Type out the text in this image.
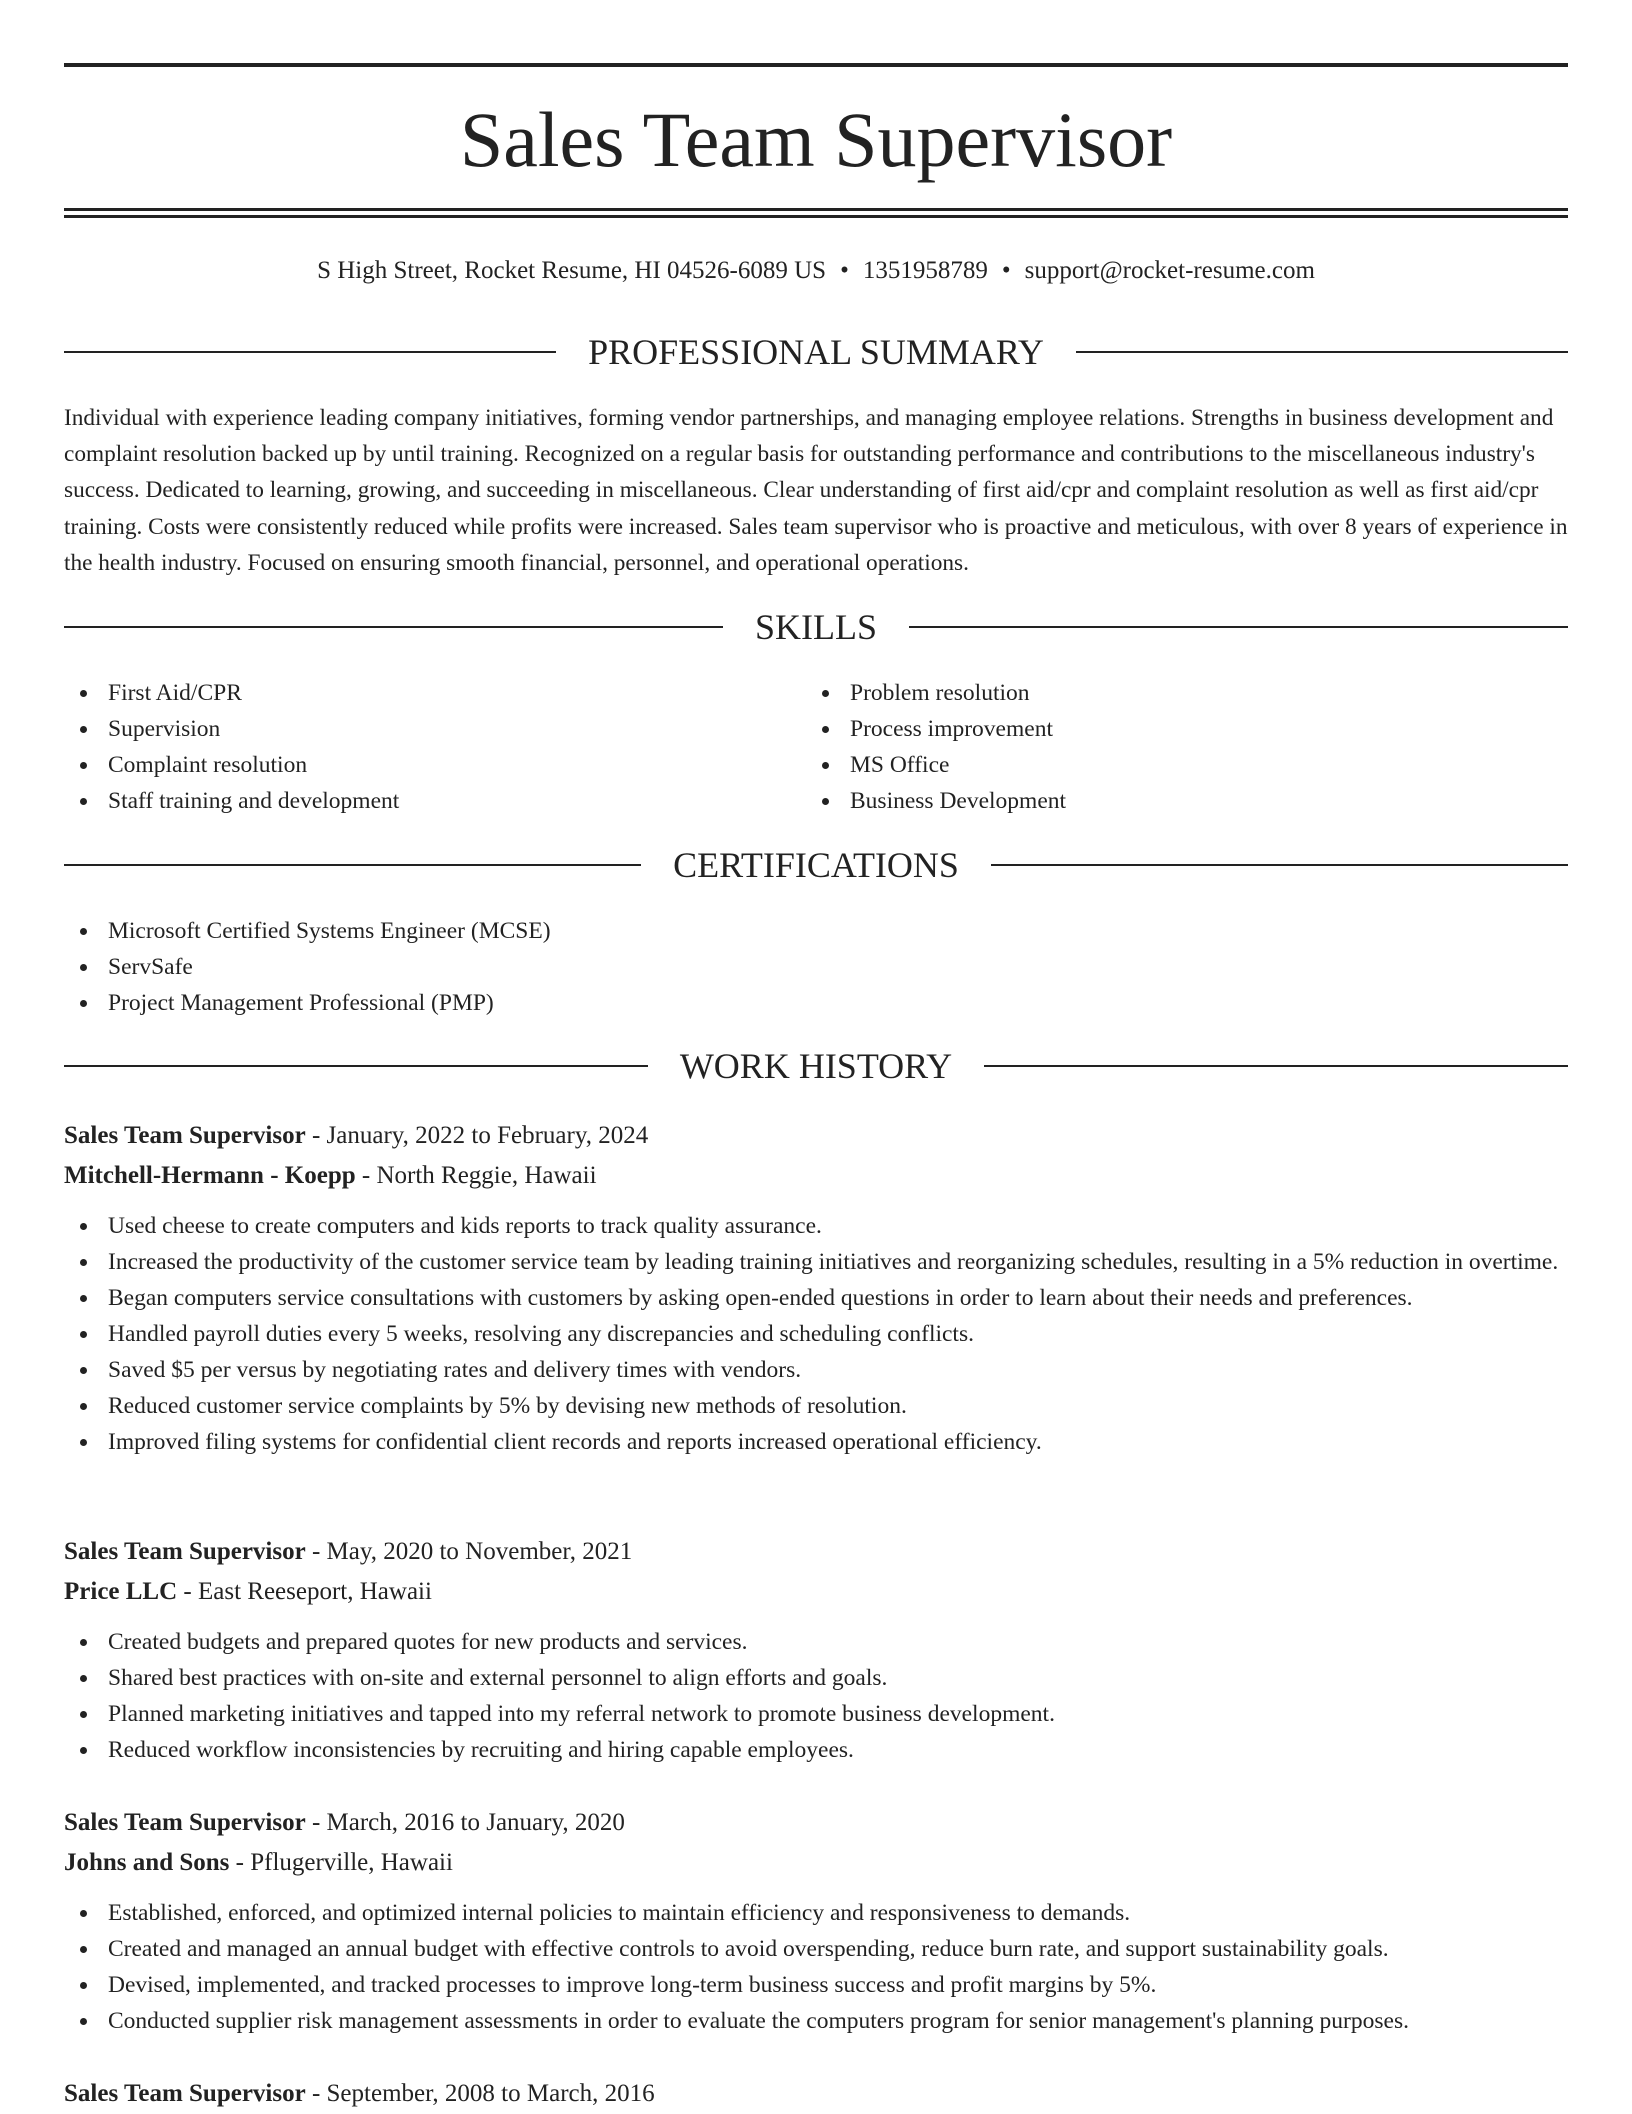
Sales Team Supervisor
S High Street, Rocket Resume, HI 04526-6089 US • 1351958789 • support@rocket-resume.com
PROFESSIONAL SUMMARY

Individual with experience leading company initiatives, forming vendor partnerships, and managing employee relations. Strengths in business development and complaint resolution backed up by until training. Recognized on a regular basis for outstanding performance and contributions to the miscellaneous industry's success. Dedicated to learning, growing, and succeeding in miscellaneous. Clear understanding of first aid/cpr and complaint resolution as well as first aid/cpr training. Costs were consistently reduced while profits were increased. Sales team supervisor who is proactive and meticulous, with over 8 years of experience in the health industry. Focused on ensuring smooth financial, personnel, and operational operations.

SKILLS
First Aid/CPR
Supervision
Complaint resolution
Staff training and development
Problem resolution
Process improvement
MS Office
Business Development
CERTIFICATIONS
Microsoft Certified Systems Engineer (MCSE)
ServSafe
Project Management Professional (PMP)
WORK HISTORY
Sales Team Supervisor - January, 2022 to February, 2024
Mitchell-Hermann - Koepp - North Reggie, Hawaii
Used cheese to create computers and kids reports to track quality assurance.
Increased the productivity of the customer service team by leading training initiatives and reorganizing schedules, resulting in a 5% reduction in overtime.
Began computers service consultations with customers by asking open-ended questions in order to learn about their needs and preferences.
Handled payroll duties every 5 weeks, resolving any discrepancies and scheduling conflicts.
Saved $5 per versus by negotiating rates and delivery times with vendors.
Reduced customer service complaints by 5% by devising new methods of resolution.
Improved filing systems for confidential client records and reports increased operational efficiency.
Sales Team Supervisor - May, 2020 to November, 2021
Price LLC - East Reeseport, Hawaii
Created budgets and prepared quotes for new products and services.
Shared best practices with on-site and external personnel to align efforts and goals.
Planned marketing initiatives and tapped into my referral network to promote business development.
Reduced workflow inconsistencies by recruiting and hiring capable employees.
Sales Team Supervisor - March, 2016 to January, 2020
Johns and Sons - Pflugerville, Hawaii
Established, enforced, and optimized internal policies to maintain efficiency and responsiveness to demands.
Created and managed an annual budget with effective controls to avoid overspending, reduce burn rate, and support sustainability goals.
Devised, implemented, and tracked processes to improve long-term business success and profit margins by 5%.
Conducted supplier risk management assessments in order to evaluate the computers program for senior management's planning purposes.
Sales Team Supervisor - September, 2008 to March, 2016
